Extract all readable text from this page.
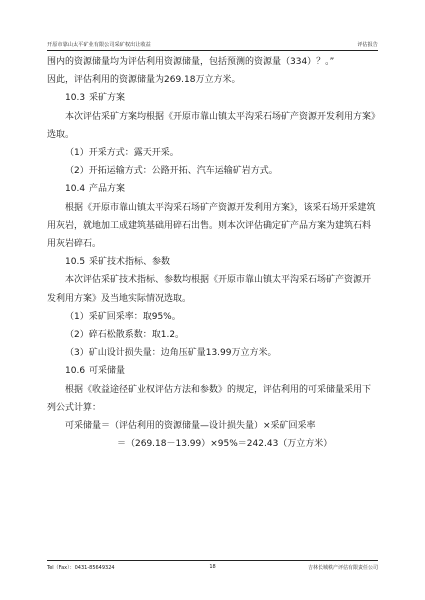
开原市靠山太平矿业有限公司采矿权出让收益	评估报告

围内的资源储量均为评估利用资源储量，包括预测的资源量（334）？。”

因此，评估利用的资源储量为269.18万立方米。

10.3 采矿方案

本次评估采矿方案均根据《开原市靠山镇太平沟采石场矿产资源开发利用方案》选取。

（1）开采方式：露天开采。

（2）开拓运输方式：公路开拓、汽车运输矿岩方式。

10.4 产品方案

根据《开原市靠山镇太平沟采石场矿产资源开发利用方案》，该采石场开采建筑用灰岩，就地加工成建筑基础用碎石出售。则本次评估确定矿产品方案为建筑石料用灰岩碎石。

10.5 采矿技术指标、参数

本次评估采矿技术指标、参数均根据《开原市靠山镇太平沟采石场矿产资源开发利用方案》及当地实际情况选取。

（1）采矿回采率：取95%。

（2）碎石松散系数：取1.2。

（3）矿山设计损失量：边角压矿量13.99万立方米。

10.6 可采储量

根据《收益途径矿业权评估方法和参数》的规定，评估利用的可采储量采用下列公式计算：

可采储量＝（评估利用的资源储量—设计损失量）×采矿回采率

＝（269.18－13.99）×95%＝242.43（万立方米）

Tel（Fax）：0431-85649324	18	吉林长城秩产评估有限责任公司
